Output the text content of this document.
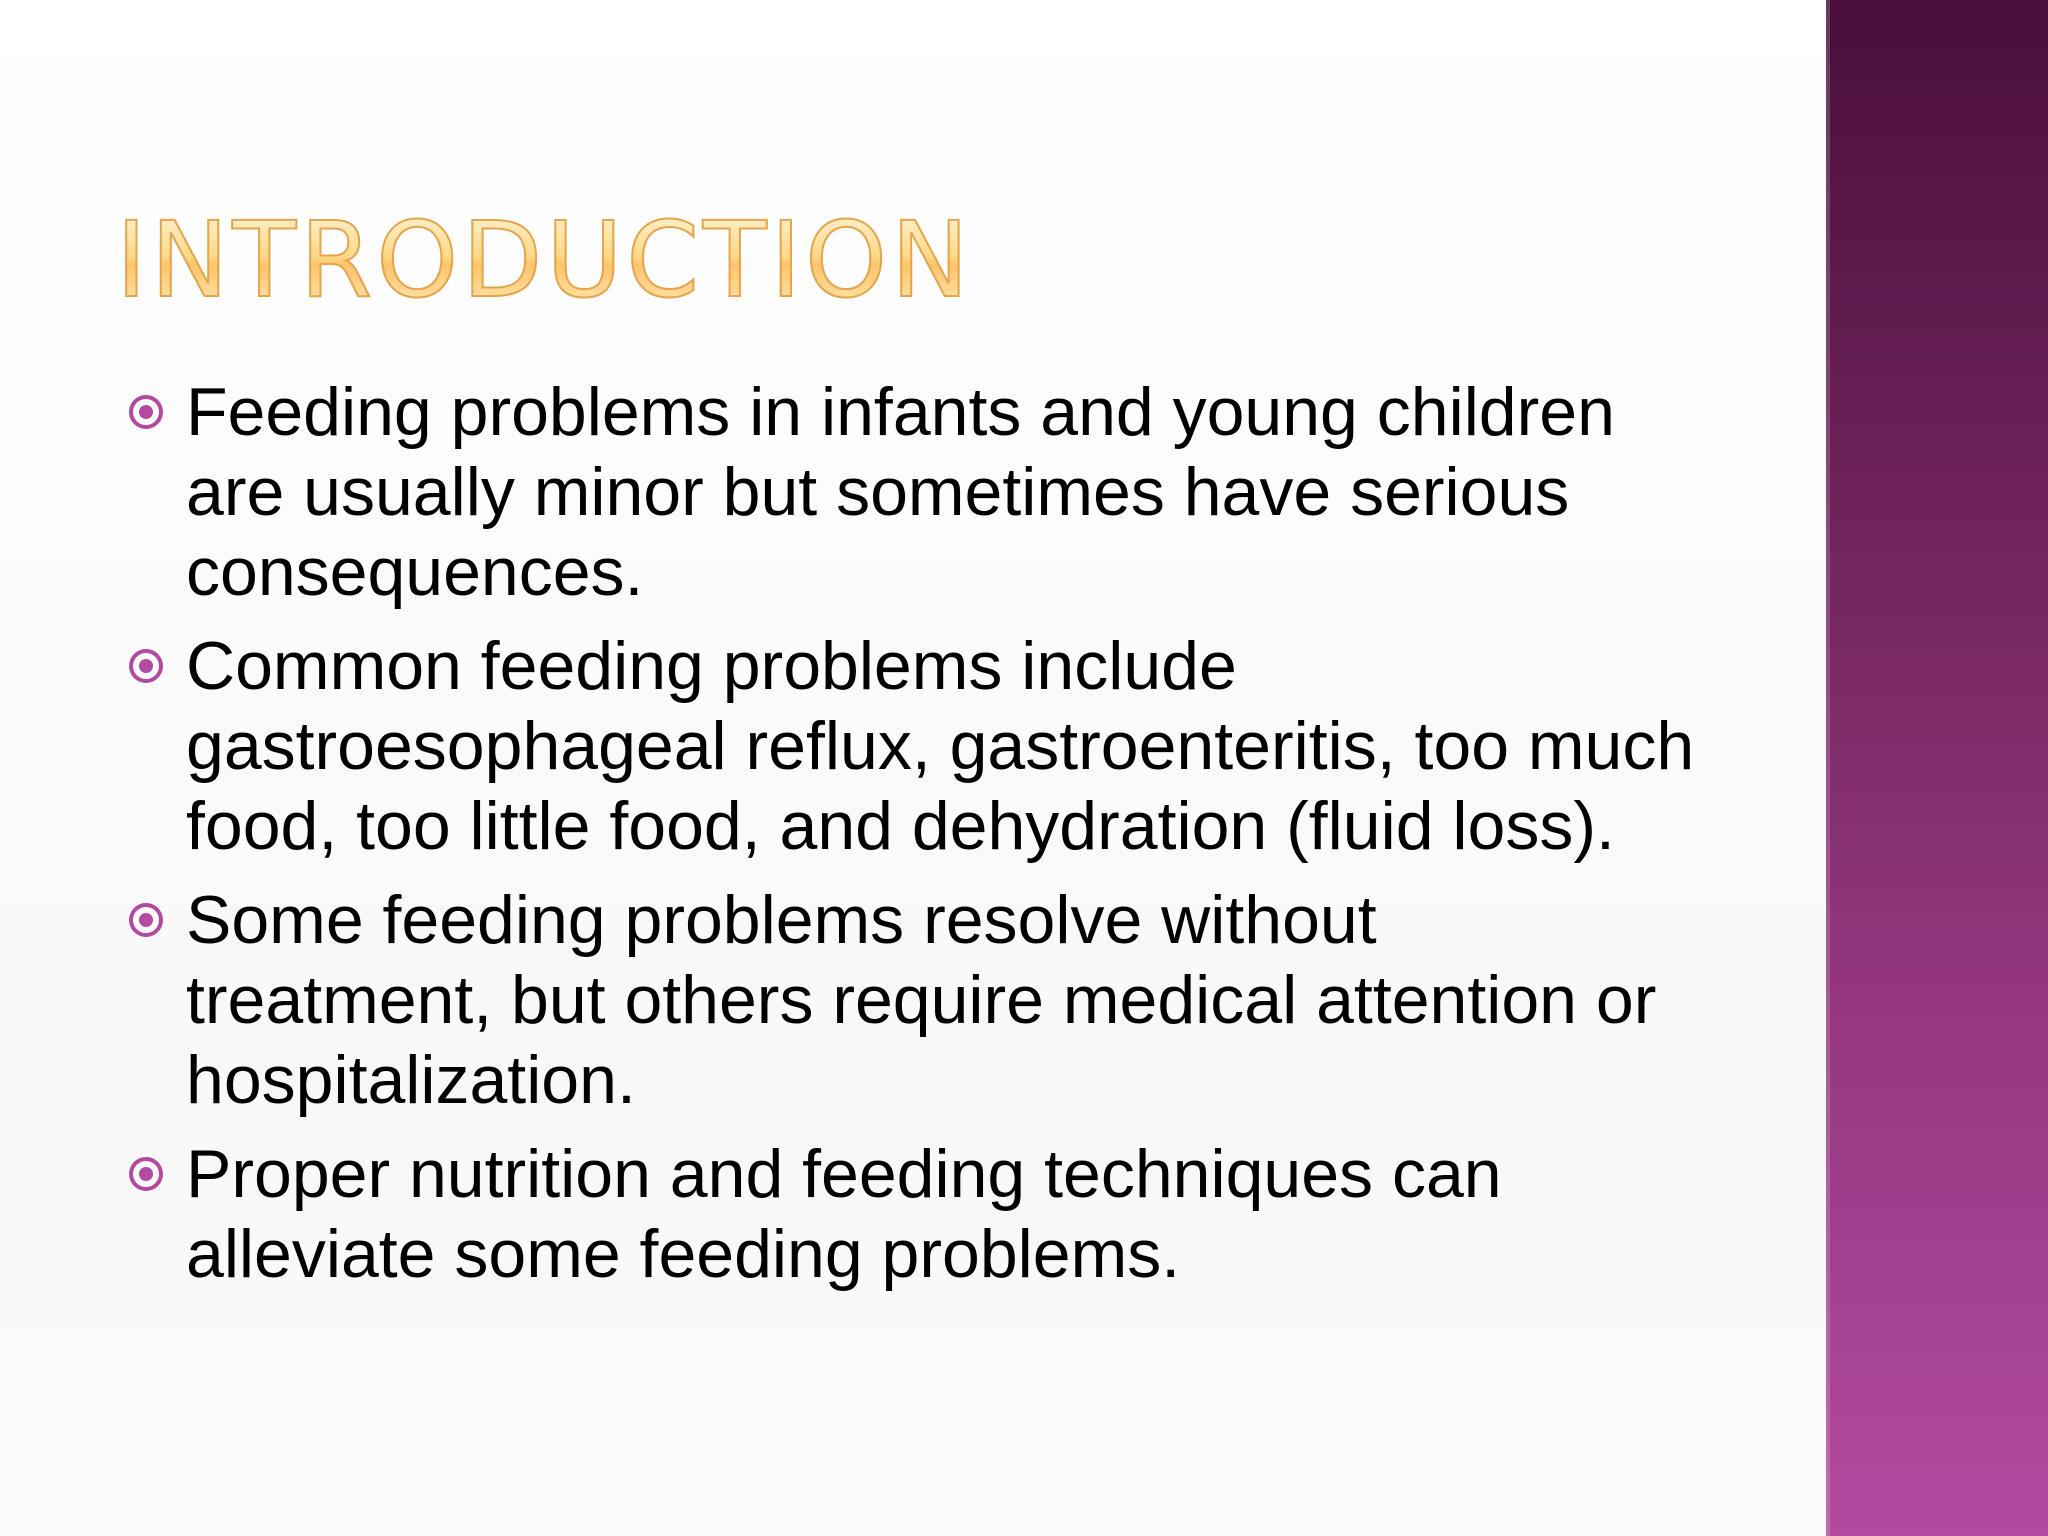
INTRODUCTION
Feeding problems in infants and young children are usually minor but sometimes have serious consequences.
Common feeding problems include gastroesophageal reflux, gastroenteritis, too much food, too little food, and dehydration (fluid loss).
Some feeding problems resolve without treatment, but others require medical attention or hospitalization.
Proper nutrition and feeding techniques can alleviate some feeding problems.
